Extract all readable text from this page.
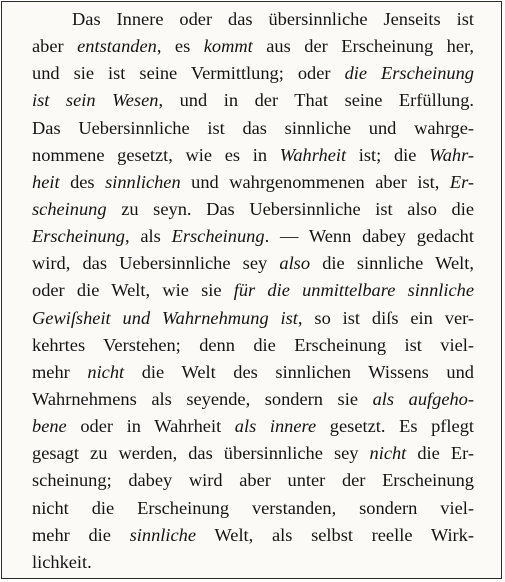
Das Innere oder das übersinnliche Jenseits ist
aber entstanden, es kommt aus der Erscheinung her,
und sie ist seine Vermittlung; oder die Erscheinung
ist sein Wesen, und in der That seine Erfüllung.
Das Uebersinnliche ist das sinnliche und wahrge-
nommene gesetzt, wie es in Wahrheit ist; die Wahr-
heit des sinnlichen und wahrgenommenen aber ist, Er-
scheinung zu seyn. Das Uebersinnliche ist also die
Erscheinung, als Erscheinung. — Wenn dabey gedacht
wird, das Uebersinnliche sey also die sinnliche Welt,
oder die Welt, wie sie für die unmittelbare sinnliche
Gewiſsheit und Wahrnehmung ist, so ist diſs ein ver-
kehrtes Verstehen; denn die Erscheinung ist viel-
mehr nicht die Welt des sinnlichen Wissens und
Wahrnehmens als seyende, sondern sie als aufgeho-
bene oder in Wahrheit als innere gesetzt. Es pflegt
gesagt zu werden, das übersinnliche sey nicht die Er-
scheinung; dabey wird aber unter der Erscheinung
nicht die Erscheinung verstanden, sondern viel-
mehr die sinnliche Welt, als selbst reelle Wirk-
lichkeit.
